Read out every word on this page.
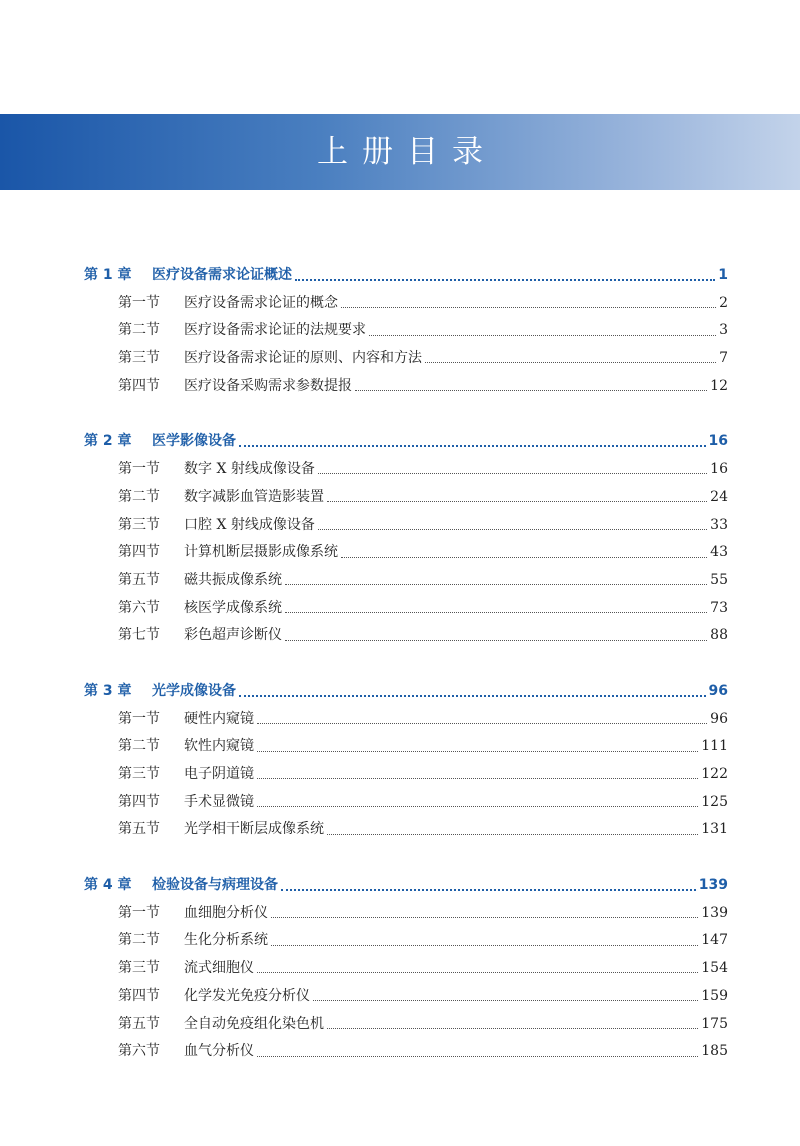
上册目录
第 1 章	医疗设备需求论证概述	1
第一节	医疗设备需求论证的概念	2
第二节	医疗设备需求论证的法规要求	3
第三节	医疗设备需求论证的原则、内容和方法	7
第四节	医疗设备采购需求参数提报	12
第 2 章	医学影像设备	16
第一节	数字 X 射线成像设备	16
第二节	数字减影血管造影装置	24
第三节	口腔 X 射线成像设备	33
第四节	计算机断层摄影成像系统	43
第五节	磁共振成像系统	55
第六节	核医学成像系统	73
第七节	彩色超声诊断仪	88
第 3 章	光学成像设备	96
第一节	硬性内窥镜	96
第二节	软性内窥镜	111
第三节	电子阴道镜	122
第四节	手术显微镜	125
第五节	光学相干断层成像系统	131
第 4 章	检验设备与病理设备	139
第一节	血细胞分析仪	139
第二节	生化分析系统	147
第三节	流式细胞仪	154
第四节	化学发光免疫分析仪	159
第五节	全自动免疫组化染色机	175
第六节	血气分析仪	185
